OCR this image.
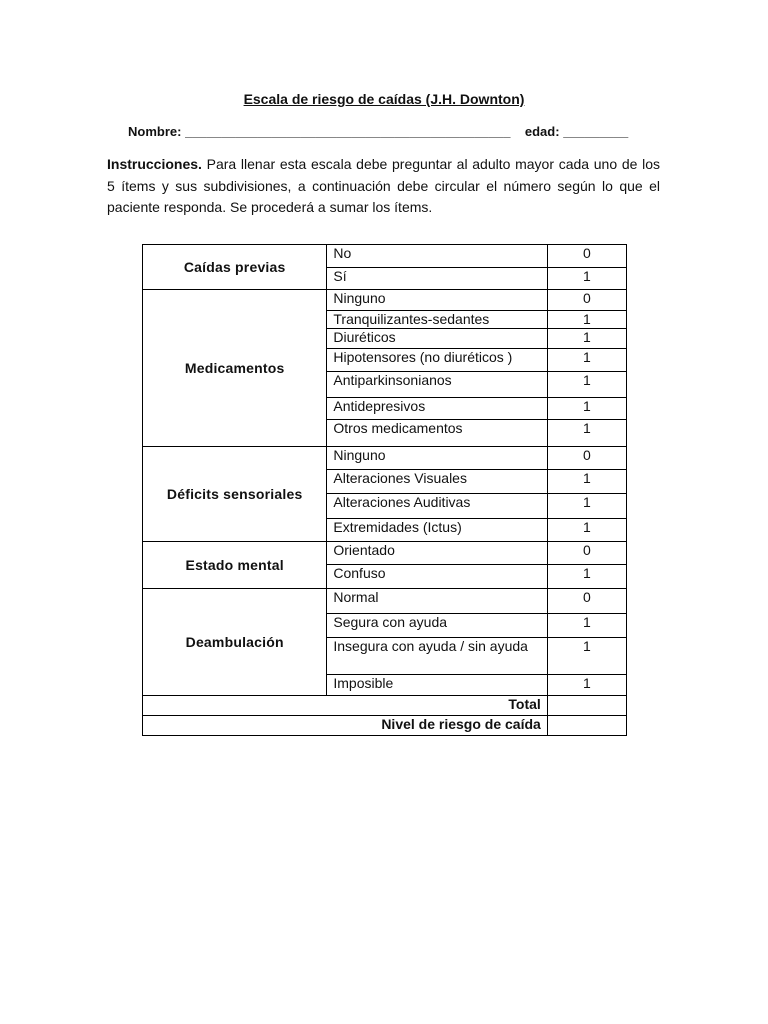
Escala de riesgo de caídas (J.H. Downton)
Nombre: _____________________________________________ edad: _________
Instrucciones. Para llenar esta escala debe preguntar al adulto mayor cada uno de los 5 ítems y sus subdivisiones, a continuación debe circular el número según lo que el paciente responda. Se procederá a sumar los ítems.
Caídas previas	No	0
	Sí	1
Medicamentos	Ninguno	0
	Tranquilizantes-sedantes	1
	Diuréticos	1
	Hipotensores (no diuréticos )	1
	Antiparkinsonianos	1
	Antidepresivos	1
	Otros medicamentos	1
Déficits sensoriales	Ninguno	0
	Alteraciones Visuales	1
	Alteraciones Auditivas	1
	Extremidades (Ictus)	1
Estado mental	Orientado	0
	Confuso	1
Deambulación	Normal	0
	Segura con ayuda	1
	Insegura con ayuda / sin ayuda	1
	Imposible	1
Total		
Nivel de riesgo de caída		
